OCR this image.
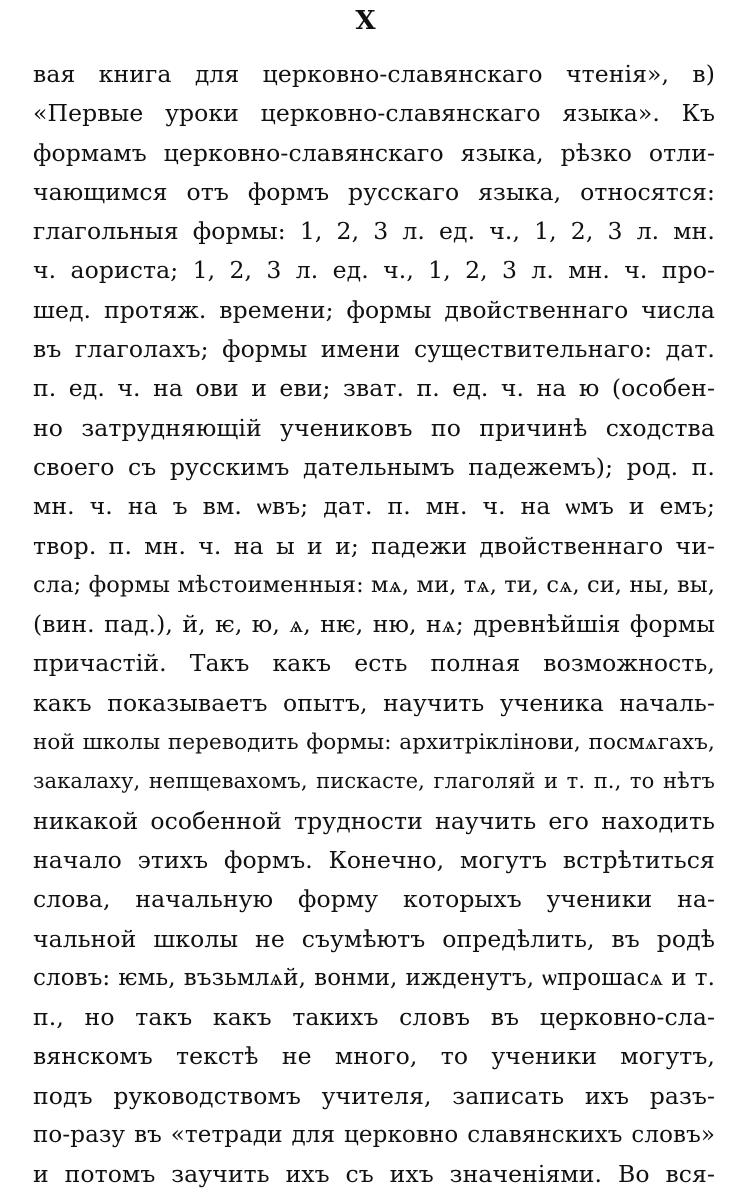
X
вая книга для церковно-славянскаго чтенія», в)
«Первые уроки церковно-славянскаго языка». Къ
формамъ церковно-славянскаго языка, рѣзко отли-
чающимся отъ формъ русскаго языка, относятся:
глагольныя формы: 1, 2, 3 л. ед. ч., 1, 2, 3 л. мн.
ч. аориста; 1, 2, 3 л. ед. ч., 1, 2, 3 л. мн. ч. про-
шед. протяж. времени; формы двойственнаго числа
въ глаголахъ; формы имени существительнаго: дат.
п. ед. ч. на ови и еви; зват. п. ед. ч. на ю (особен-
но затрудняющій учениковъ по причинѣ сходства
своего съ русскимъ дательнымъ падежемъ); род. п.
мн. ч. на ъ вм. ѡвъ; дат. п. мн. ч. на ѡмъ и емъ;
твор. п. мн. ч. на ы и и; падежи двойственнаго чи-
сла; формы мѣстоименныя: мѧ, ми, тѧ, ти, сѧ, си, ны, вы,
(вин. пад.), й, ѥ, ю, ѧ, нѥ, ню, нѧ; древнѣйшія формы
причастій. Такъ какъ есть полная возможность,
какъ показываетъ опытъ, научить ученика началь-
ной школы переводить формы: архитріклінови, посмѧгахъ,
закалаху, непщевахомъ, пискасте, глаголяй и т. п., то нѣтъ
никакой особенной трудности научить его находить
начало этихъ формъ. Конечно, могутъ встрѣтиться
слова, начальную форму которыхъ ученики на-
чальной школы не съумѣютъ опредѣлить, въ родѣ
словъ: ѥмь, възьмлѧй, вонми, ижденутъ, ѡпрошасѧ и т.
п., но такъ какъ такихъ словъ въ церковно-сла-
вянскомъ текстѣ не много, то ученики могутъ,
подъ руководствомъ учителя, записать ихъ разъ-
по-разу въ «тетради для церковно славянскихъ словъ»
и потомъ заучить ихъ съ ихъ значеніями. Во вся-
